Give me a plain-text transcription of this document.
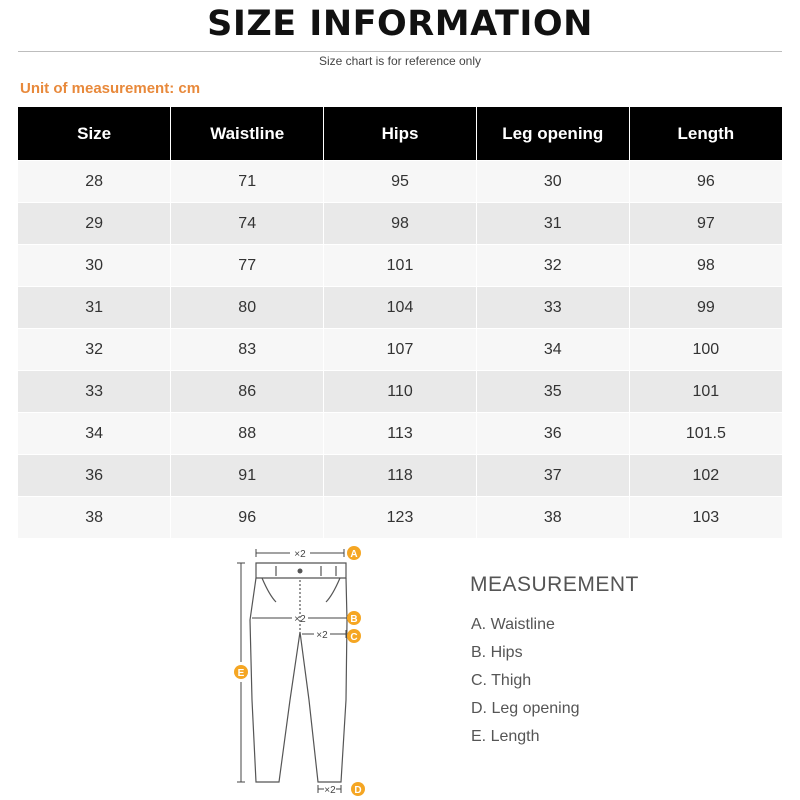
SIZE INFORMATION
Size chart is for reference only
Unit of measurement: cm
Size	Waistline	Hips	Leg opening	Length
28	71	95	30	96
29	74	98	31	97
30	77	101	32	98
31	80	104	33	99
32	83	107	34	100
33	86	110	35	101
34	88	113	36	101.5
36	91	118	37	102
38	96	123	38	103
×2
×2
×2
×2
A
B
C
D
E
MEASUREMENT
A. Waistline
B. Hips
C. Thigh
D. Leg opening
E. Length
